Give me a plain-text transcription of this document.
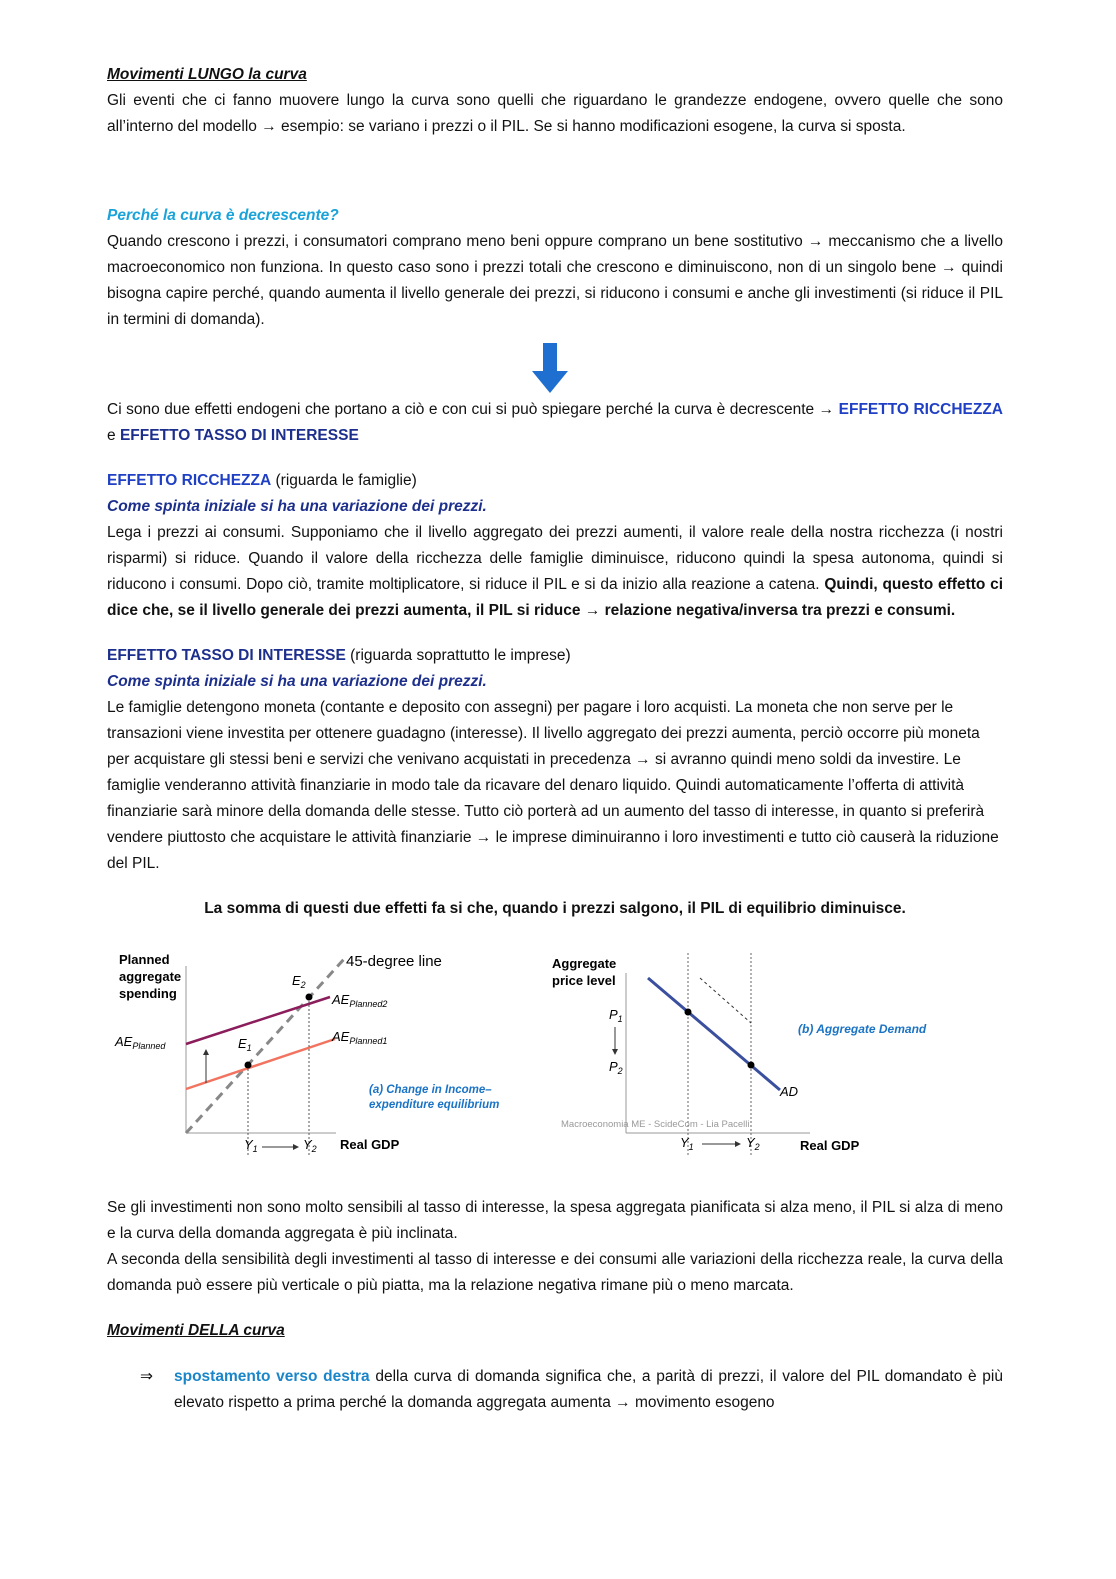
Movimenti LUNGO la curva
Gli eventi che ci fanno muovere lungo la curva sono quelli che riguardano le grandezze endogene, ovvero quelle che sono all’interno del modello → esempio: se variano i prezzi o il PIL. Se si hanno modificazioni esogene, la curva si sposta.
Perché la curva è decrescente?
Quando crescono i prezzi, i consumatori comprano meno beni oppure comprano un bene sostitutivo → meccanismo che a livello macroeconomico non funziona. In questo caso sono i prezzi totali che crescono e diminuiscono, non di un singolo bene → quindi bisogna capire perché, quando aumenta il livello generale dei prezzi, si riducono i consumi e anche gli investimenti (si riduce il PIL in termini di domanda).
Ci sono due effetti endogeni che portano a ciò e con cui si può spiegare perché la curva è decrescente → EFFETTO RICCHEZZA e EFFETTO TASSO DI INTERESSE
EFFETTO RICCHEZZA (riguarda le famiglie)
Come spinta iniziale si ha una variazione dei prezzi.
Lega i prezzi ai consumi. Supponiamo che il livello aggregato dei prezzi aumenti, il valore reale della nostra ricchezza (i nostri risparmi) si riduce. Quando il valore della ricchezza delle famiglie diminuisce, riducono quindi la spesa autonoma, quindi si riducono i consumi. Dopo ciò, tramite moltiplicatore, si riduce il PIL e si da inizio alla reazione a catena. Quindi, questo effetto ci dice che, se il livello generale dei prezzi aumenta, il PIL si riduce → relazione negativa/inversa tra prezzi e consumi.
EFFETTO TASSO DI INTERESSE (riguarda soprattutto le imprese)
Come spinta iniziale si ha una variazione dei prezzi.
Le famiglie detengono moneta (contante e deposito con assegni) per pagare i loro acquisti. La moneta che non serve per le transazioni viene investita per ottenere guadagno (interesse). Il livello aggregato dei prezzi aumenta, perciò occorre più moneta per acquistare gli stessi beni e servizi che venivano acquistati in precedenza → si avranno quindi meno soldi da investire. Le famiglie venderanno attività finanziarie in modo tale da ricavare del denaro liquido. Quindi automaticamente l’offerta di attività finanziarie sarà minore della domanda delle stesse. Tutto ciò porterà ad un aumento del tasso di interesse, in quanto si preferirà vendere piuttosto che acquistare le attività finanziarie → le imprese diminuiranno i loro investimenti e tutto ciò causerà la riduzione del PIL.
La somma di questi due effetti fa si che, quando i prezzi salgono, il PIL di equilibrio diminuisce.
Planned
aggregate
spending
45-degree line
$E_1$
$E_2$
$AE_{Planned2}$
$AE_{Planned1}$
$AE_{Planned}$
$Y_1$	$Y_2$ Real GDP
(a) Change in Income–
expenditure equilibrium
Aggregate
price level
$P_1$
$P_2$
AD
(b) Aggregate Demand
Macroeconomia ME - ScideCom - Lia Pacelli
$Y_1$	$Y_2$	Real GDP
Se gli investimenti non sono molto sensibili al tasso di interesse, la spesa aggregata pianificata si alza meno, il PIL si alza di meno e la curva della domanda aggregata è più inclinata.
A seconda della sensibilità degli investimenti al tasso di interesse e dei consumi alle variazioni della ricchezza reale, la curva della domanda può essere più verticale o più piatta, ma la relazione negativa rimane più o meno marcata.
Movimenti DELLA curva
⇒ spostamento verso destra della curva di domanda significa che, a parità di prezzi, il valore del PIL domandato è più elevato rispetto a prima perché la domanda aggregata aumenta → movimento esogeno
